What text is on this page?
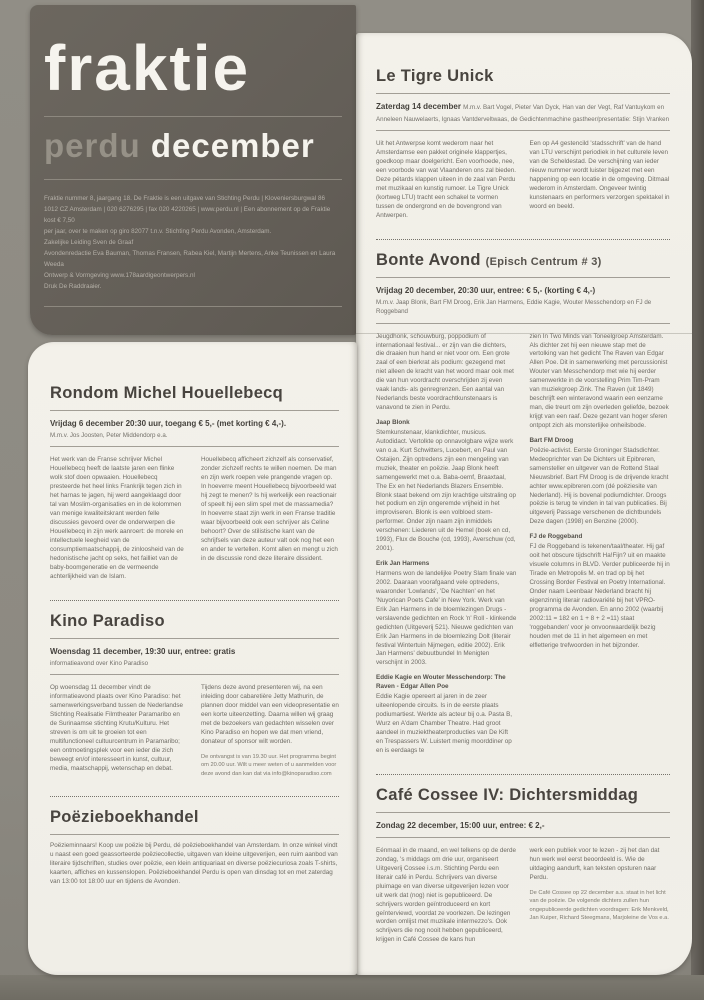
fraktie
perdu december
Fraktie nummer 8, jaargang 18. De Fraktie is een uitgave van Stichting Perdu | Kloveniersburgwal 86
1012 CZ Amsterdam | 020 6276295 | fax 020 4220265 | www.perdu.nl | Een abonnement op de Fraktie kost € 7,50
per jaar, over te maken op giro 82077 t.n.v. Stichting Perdu Avonden, Amsterdam.
Zakelijke Leiding Sven de Graaf
Avondenredactie Eva Bauman, Thomas Fransen, Rabea Kiel, Martijn Mertens, Anke Teunissen en Laura Weeda
Ontwerp & Vormgeving www.178aardigeontwerpers.nl
Druk De Raddraaier.
Le Tigre Unick

Zaterdag 14 december M.m.v. Bart Vogel, Pieter Van Dyck, Han van der Vegt, Raf Vantuykom en Anneleen Nauwelaerts, Ignaas Vantderveltwaas, de Gedichtenmachine gastheer/presentatie: Stijn Vranken

Uit het Antwerpse komt wederom naar het Amsterdamse een pakket originele klappertjes, goedkoop maar doelgericht. Een voorhoede, nee, een voorbode van wat Vlaanderen ons zal bieden. Deze pétards klappen uiteen in de zaal van Perdu met muzikaal en kunstig rumoer. Le Tigre Unick (kortweg LTU) tracht een schakel te vormen tussen de ondergrond en de bovengrond van Antwerpen.

Een op A4 gestencild 'stadsschrift' van de hand van LTU verschijnt periodiek in het culturele leven van de Scheldestad. De verschijning van ieder nieuw nummer wordt luister bijgezet met een happening op een locatie in de omgeving. Ditmaal wederom in Amsterdam. Ongeveer twintig kunstenaars en performers verzorgen spektakel in woord en beeld.

Bonte Avond (Episch Centrum # 3)

Vrijdag 20 december, 20:30 uur, entree: € 5,- (korting € 4,-)

M.m.v. Jaap Blonk, Bart FM Droog, Erik Jan Harmens, Eddie Kagie, Wouter Messchendorp en FJ de Roggeband

Jeugdhonk, schouwburg, poppodium of internationaal festival... er zijn van die dichters, die draaien hun hand er niet voor om. Een grote zaal of een bierkrat als podium: gezegend met niet alleen de kracht van het woord maar ook met die van hun voordracht overschrijden zij even vaak lands- als genregrenzen. Een aantal van Nederlands beste voordrachtkunstenaars is vanavond te zien in Perdu.

Jaap Blonk

Stemkunstenaar, klankdichter, musicus. Autodidact. Vertolkte op onnavolgbare wijze werk van o.a. Kurt Schwitters, Lucebert, en Paul van Ostaijen. Zijn optredens zijn een mengeling van muziek, theater en poëzie. Jaap Blonk heeft samengewerkt met o.a. Baba-oemf, Braaxtaal, The Ex en het Nederlands Blazers Ensemble. Blonk staat bekend om zijn krachtige uitstraling op het podium en zijn ongeremde vrijheid in het improviseren. Blonk is een volbloed stem-performer. Onder zijn naam zijn inmiddels verschenen: Liederen uit de Hemel (boek en cd, 1993), Flux de Bouche (cd, 1993), Averschuw (cd, 2001).

Erik Jan Harmens

Harmens won de landelijke Poetry Slam finale van 2002. Daaraan voorafgaand vele optredens, waaronder 'Lowlands', 'De Nachten' en het 'Nuyorican Poets Cafe' in New York. Werk van Erik Jan Harmens in de bloemlezingen Drugs - verslavende gedichten en Rock 'n' Roll - klinkende gedichten (Uitgeverij 521). Nieuwe gedichten van Erik Jan Harmens in de bloemlezing Dolt (literair festival Wintertuin Nijmegen, editie 2002). Erik Jan Harmens' debuutbundel In Menigten verschijnt in 2003.

Eddie Kagie en Wouter Messchendorp: The Raven - Edgar Allen Poe

Eddie Kagie opereert al jaren in de zeer uiteenlopende circuits. Is in de eerste plaats podiumartiest. Werkte als acteur bij o.a. Pasta B, Wurz en A'dam Chamber Theatre. Had groot aandeel in muziektheaterproducties van De Kift en Trespassers W. Luistert menig moorddiner op en is eerdaags te

zien In Two Minds van Toneelgroep Amsterdam. Als dichter zet hij een nieuwe stap met de vertolking van het gedicht The Raven van Edgar Allen Poe. Dit in samenwerking met percussionist Wouter van Messchendorp met wie hij eerder samenwerkte in de voorstelling Prim Tim-Pram van muziekgroep Zink. The Raven (uit 1849) beschrijft een winteravond waarin een eenzame man, die treurt om zijn overleden geliefde, bezoek krijgt van een raaf. Deze gezant van hoger sferen ontpopt zich als monsterlijke onheilsbode.

Bart FM Droog

Poëzie-activist. Eerste Groninger Stadsdichter. Medeoprichter van De Dichters uit Epibreren, samensteller en uitgever van de Rottend Staal Nieuwsbrief. Bart FM Droog is de drijvende kracht achter www.epibreren.com (dé poëziesite van Nederland). Hij is bovenal podiumdichter. Droogs poëzie is terug te vinden in tal van publicaties. Bij uitgeverij Passage verschenen de dichtbundels Deze dagen (1998) en Benzine (2000).

FJ de Roggeband

FJ de Roggeband is tekenen/taal/theater. Hij gaf ooit het obscure tijdschrift Ha!Fijn? uit en maakte visuele columns in BLVD. Verder publiceerde hij in Tirade en Metropolis M. en trad op bij het Crossing Border Festival en Poetry International. Onder naam Leenbaar Nederland bracht hij eigenzinnig literair radiovariété bij het VPRO-programma de Avonden. En anno 2002 (waarbij 2002:11 = 182 en 1 + 8 + 2 =11) staat 'roggebanden' voor je onvoorwaardelijk bezig houden met de 11 in het algemeen en met elfletterige trefwoorden in het bijzonder.

Café Cossee IV: Dichtersmiddag

Zondag 22 december, 15:00 uur, entree: € 2,-

Eénmaal in de maand, en wel telkens op de derde zondag, 's middags om drie uur, organiseert Uitgeverij Cossee i.s.m. Stichting Perdu een literair café in Perdu. Schrijvers van diverse pluimage en van diverse uitgeverijen lezen voor uit werk dat (nog) niet is gepubliceerd. De schrijvers worden geïntroduceerd en kort geïnterviewd, voordat ze voorlezen. De lezingen worden omlijst met muzikale intermezzo's. Ook schrijvers die nog nooit hebben gepubliceerd, krijgen in Café Cossee de kans hun

werk een publiek voor te lezen - zij het dan dat hun werk wel eerst beoordeeld is. Wie de uitdaging aandurft, kan teksten opsturen naar Perdu.

De Café Cossee op 22 december a.s. staat in het licht van de poëzie. De volgende dichters zullen hun ongepubliceerde gedichten voordragen: Erik Menkveld, Jan Kuiper, Richard Steegmans, Marjoleine de Vos e.a.

Rondom Michel Houellebecq

Vrijdag 6 december 20:30 uur, toegang € 5,- (met korting € 4,-).

M.m.v. Jos Joosten, Peter Middendorp e.a.

Het werk van de Franse schrijver Michel Houellebecq heeft de laatste jaren een flinke wolk stof doen opwaaien. Houellebecq presteerde het heel links Frankrijk tegen zich in het harnas te jagen, hij werd aangeklaagd door tal van Moslim-organisaties en in de kolommen van menige kwaliteitskrant werden felle discussies gevoerd over de onderwerpen die Houellebecq in zijn werk aanroert: de morele en intellectuele leegheid van de consumptiemaatschappij, de zinloosheid van de hedonistische jacht op seks, het failliet van de baby-boomgeneratie en de vermeende achterlijkheid van de Islam.

Houellebecq afficheert zichzelf als conservatief, zonder zichzelf rechts te willen noemen. De man en zijn werk roepen vele prangende vragen op. In hoeverre meent Houellebecq bijvoorbeeld wat hij zegt te menen? Is hij werkelijk een reactionair of speelt hij een slim spel met de massamedia? In hoeverre staat zijn werk in een Franse traditie waar bijvoorbeeld ook een schrijver als Celine behoort? Over de stilistische kant van de schrijfsels van deze auteur valt ook nog het een en ander te vertellen. Komt allen en mengt u zich in de discussie rond deze literaire dissident.

Kino Paradiso

Woensdag 11 december, 19:30 uur, entree: gratis

informatieavond over Kino Paradiso

Op woensdag 11 december vindt de informatieavond plaats over Kino Paradiso: het samenwerkingsverband tussen de Nederlandse Stichting Realisatie Filmtheater Paramaribo en de Surinaamse stichting Krutu/Kulturu. Het streven is om uit te groeien tot een multifunctioneel cultuurcentrum in Paramaribo; een ontmoetingsplek voor een ieder die zich beweegt en/of interesseert in kunst, cultuur, media, maatschappij, wetenschap en debat.

Tijdens deze avond presenteren wij, na een inleiding door cabaretière Jetty Mathurin, de plannen door middel van een videopresentatie en een korte uiteenzetting. Daarna willen wij graag met de bezoekers van gedachten wisselen over Kino Paradiso en hopen we dat men vriend, donateur of sponsor wilt worden.

De ontvangst is van 19.30 uur. Het programma begint om 20.00 uur. Wilt u meer weten of u aanmelden voor deze avond dan kan dat via info@kinoparadiso.com

Poëzieboekhandel

Poëzieminnaars! Koop uw poëzie bij Perdu, dé poëzieboekhandel van Amsterdam. In onze winkel vindt u naast een goed geassorteerde poëziecollectie, uitgaven van kleine uitgeverijen, een ruim aanbod van literaire tijdschriften, studies over poëzie, een klein antiquariaat en diverse poëziecuriosa zoals T-shirts, kaarten, affiches en kussenslopen. Poëzieboekhandel Perdu is open van dinsdag tot en met zaterdag van 13:00 tot 18:00 uur en tijdens de Avonden.
